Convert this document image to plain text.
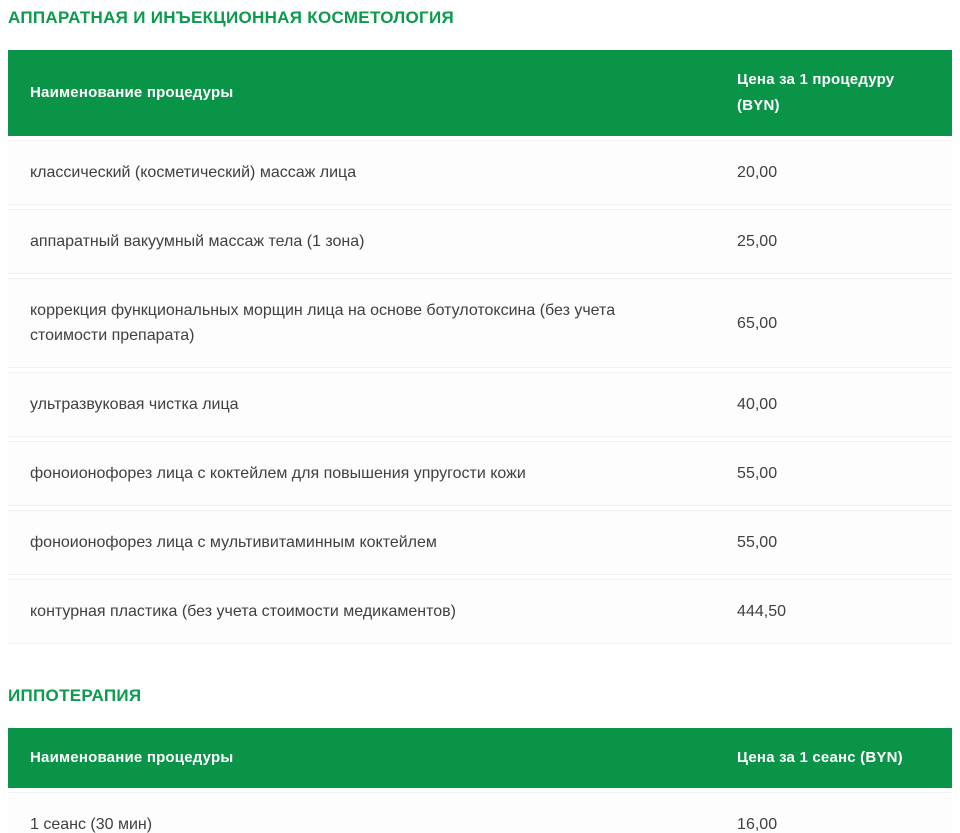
АППАРАТНАЯ И ИНЪЕКЦИОННАЯ КОСМЕТОЛОГИЯ
Наименование процедуры	Цена за 1 процедуру (BYN)
классический (косметический) массаж лица	20,00
аппаратный вакуумный массаж тела (1 зона)	25,00
коррекция функциональных морщин лица на основе ботулотоксина (без учета стоимости препарата)	65,00
ультразвуковая чистка лица	40,00
фоноионофорез лица с коктейлем для повышения упругости кожи	55,00
фоноионофорез лица с мультивитаминным коктейлем	55,00
контурная пластика (без учета стоимости медикаментов)	444,50
ИППОТЕРАПИЯ
Наименование процедуры	Цена за 1 сеанс (BYN)
1 сеанс (30 мин)	16,00
